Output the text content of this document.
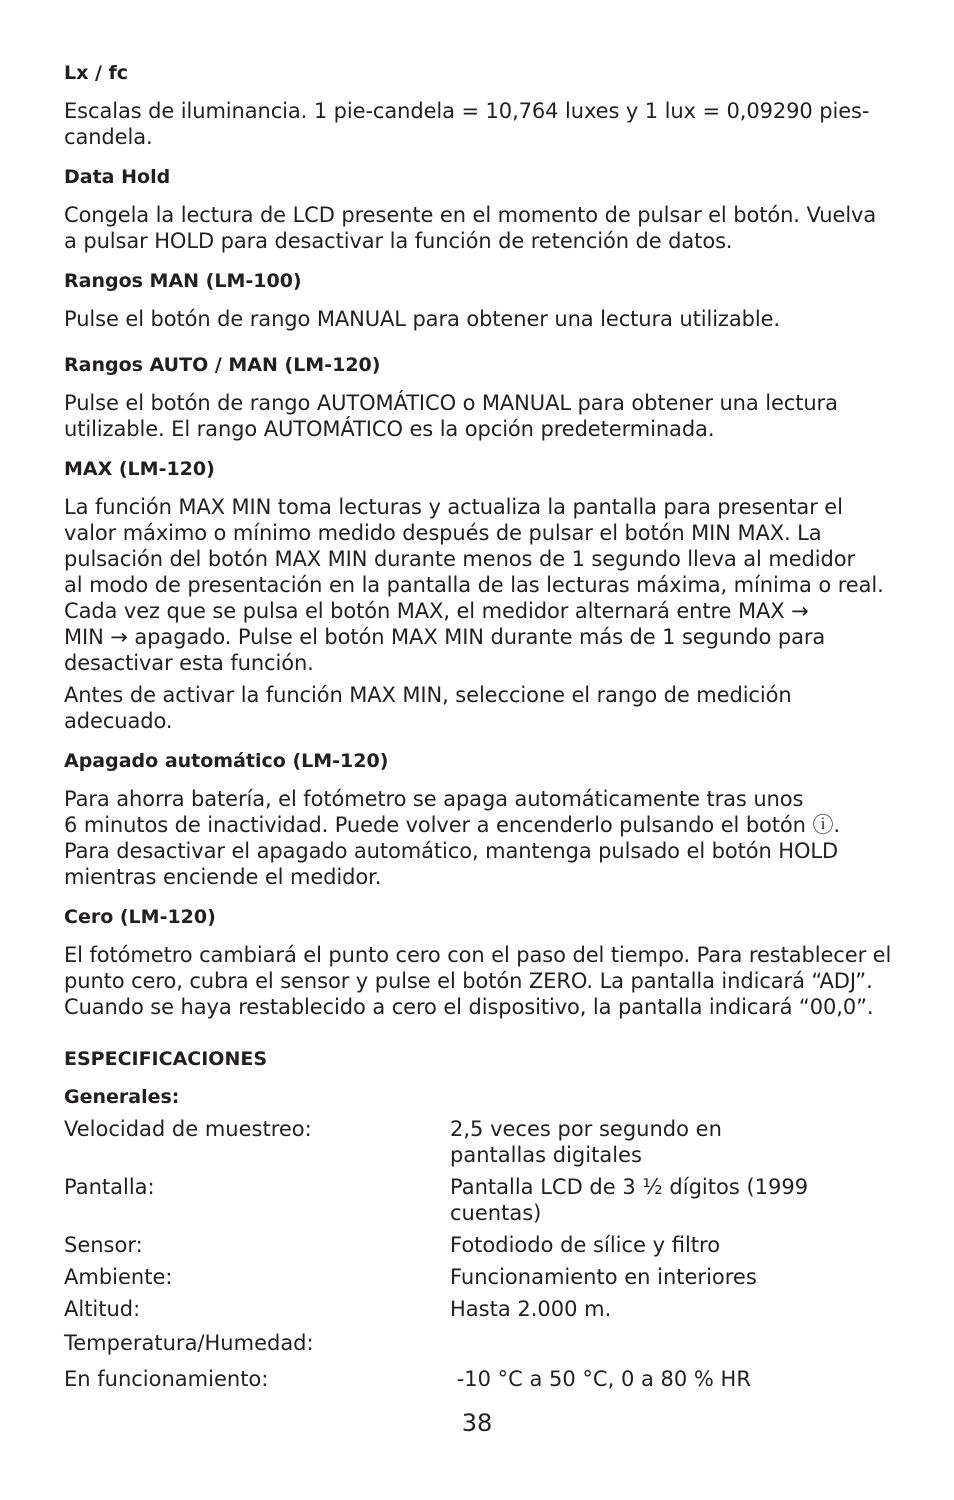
Lx / fc

Escalas de iluminancia. 1 pie-candela = 10,764 luxes y 1 lux = 0,09290 pies-
candela.

Data Hold

Congela la lectura de LCD presente en el momento de pulsar el botón. Vuelva
a pulsar HOLD para desactivar la función de retención de datos.

Rangos MAN (LM-100)

Pulse el botón de rango MANUAL para obtener una lectura utilizable.

Rangos AUTO / MAN (LM-120)

Pulse el botón de rango AUTOMÁTICO o MANUAL para obtener una lectura
utilizable. El rango AUTOMÁTICO es la opción predeterminada.

MAX (LM-120)

La función MAX MIN toma lecturas y actualiza la pantalla para presentar el
valor máximo o mínimo medido después de pulsar el botón MIN MAX. La
pulsación del botón MAX MIN durante menos de 1 segundo lleva al medidor
al modo de presentación en la pantalla de las lecturas máxima, mínima o real.
Cada vez que se pulsa el botón MAX, el medidor alternará entre MAX →
MIN → apagado. Pulse el botón MAX MIN durante más de 1 segundo para
desactivar esta función.

Antes de activar la función MAX MIN, seleccione el rango de medición
adecuado.

Apagado automático (LM-120)

Para ahorra batería, el fotómetro se apaga automáticamente tras unos
6 minutos de inactividad. Puede volver a encenderlo pulsando el botón ⓘ.
Para desactivar el apagado automático, mantenga pulsado el botón HOLD
mientras enciende el medidor.

Cero (LM-120)

El fotómetro cambiará el punto cero con el paso del tiempo. Para restablecer el
punto cero, cubra el sensor y pulse el botón ZERO. La pantalla indicará “ADJ”.
Cuando se haya restablecido a cero el dispositivo, la pantalla indicará “00,0”.

ESPECIFICACIONES

Generales:

Velocidad de muestreo:	2,5 veces por segundo en
pantallas digitales
Pantalla:	Pantalla LCD de 3 ½ dígitos (1999 cuentas)
Sensor:	Fotodiodo de sílice y filtro
Ambiente:	Funcionamiento en interiores
Altitud:	Hasta 2.000 m.
Temperatura/Humedad:
En funcionamiento:	-10 °C a 50 °C, 0 a 80 % HR
38
